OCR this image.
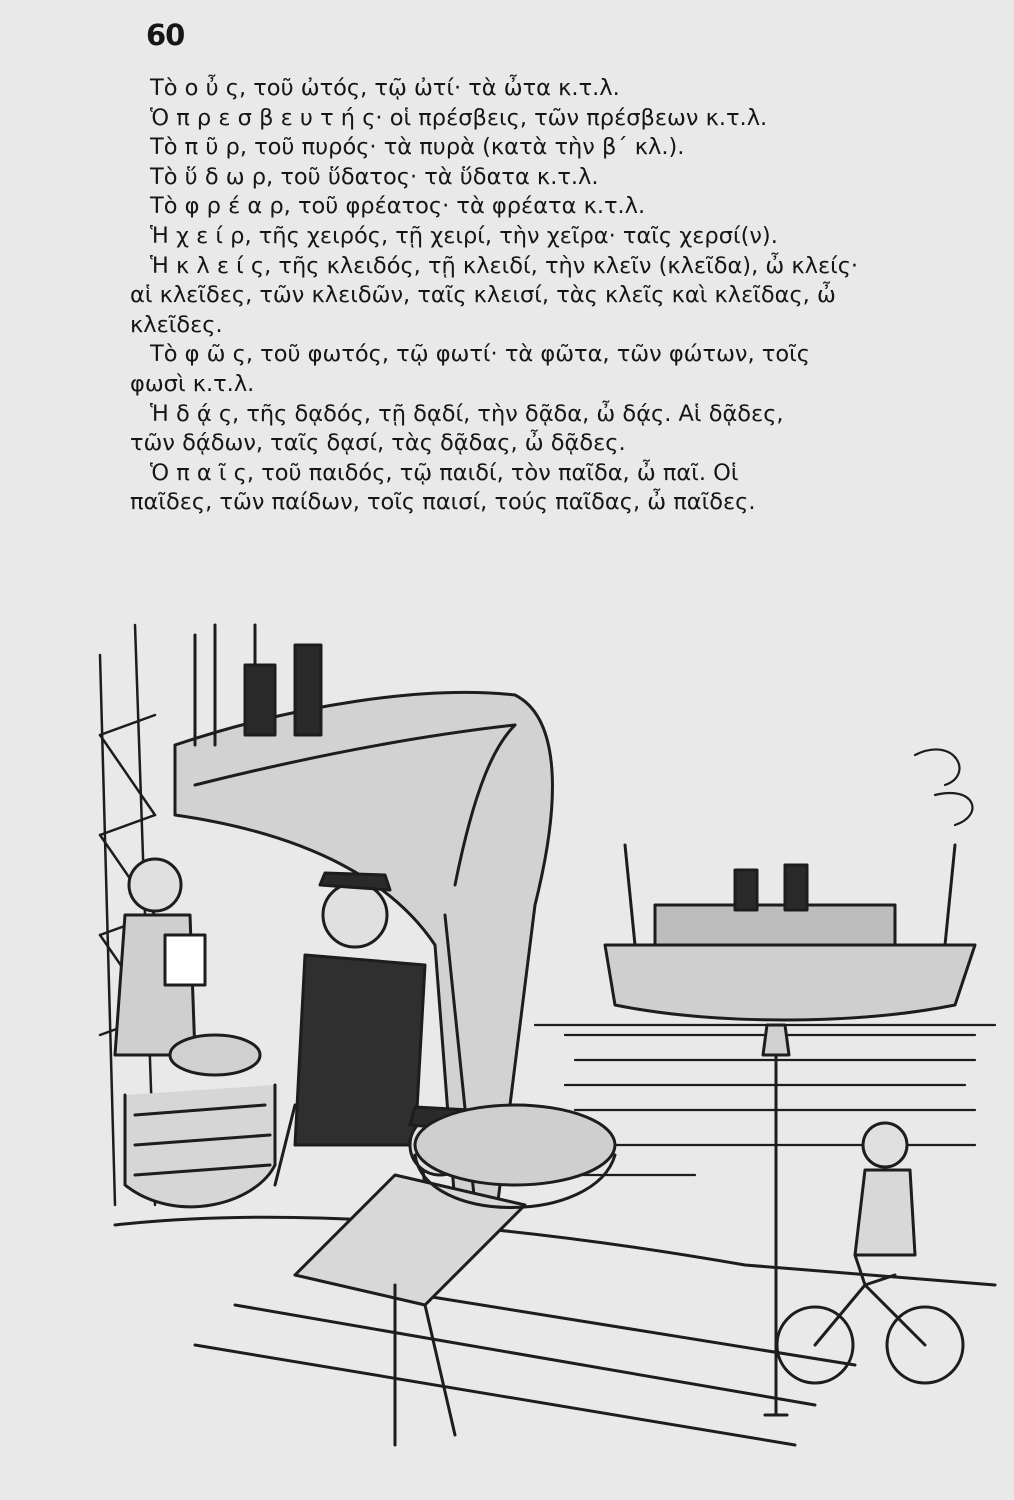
60
Τὸ ο ὖ ς, τοῦ ὠτός, τῷ ὠτί· τὰ ὦτα κ.τ.λ.
Ὁ π ρ ε σ β ε υ τ ή ς· οἱ πρέσβεις, τῶν πρέσβεων κ.τ.λ.
Τὸ π ῦ ρ, τοῦ πυρός· τὰ πυρὰ (κατὰ τὴν β΄ κλ.).
Τὸ ὕ δ ω ρ, τοῦ ὕδατος· τὰ ὕδατα κ.τ.λ.
Τὸ φ ρ έ α ρ, τοῦ φρέατος· τὰ φρέατα κ.τ.λ.
Ἡ χ ε ί ρ, τῆς χειρός, τῇ χειρί, τὴν χεῖρα· ταῖς χερσί(ν).
Ἡ κ λ ε ί ς, τῆς κλειδός, τῇ κλειδί, τὴν κλεῖν (κλεῖδα), ὦ κλείς·
αἱ κλεῖδες, τῶν κλειδῶν, ταῖς κλεισί, τὰς κλεῖς καὶ κλεῖδας, ὦ
κλεῖδες.
Τὸ φ ῶ ς, τοῦ φωτός, τῷ φωτί· τὰ φῶτα, τῶν φώτων, τοῖς
φωσὶ κ.τ.λ.
Ἡ δ ᾴ ς, τῆς δᾳδός, τῇ δᾳδί, τὴν δᾷδα, ὦ δᾴς. Αἱ δᾷδες,
τῶν δᾴδων, ταῖς δᾳσί, τὰς δᾷδας, ὦ δᾷδες.
Ὁ π α ῖ ς, τοῦ παιδός, τῷ παιδί, τὸν παῖδα, ὦ παῖ. Οἱ
παῖδες, τῶν παίδων, τοῖς παισί, τούς παῖδας, ὦ παῖδες.
